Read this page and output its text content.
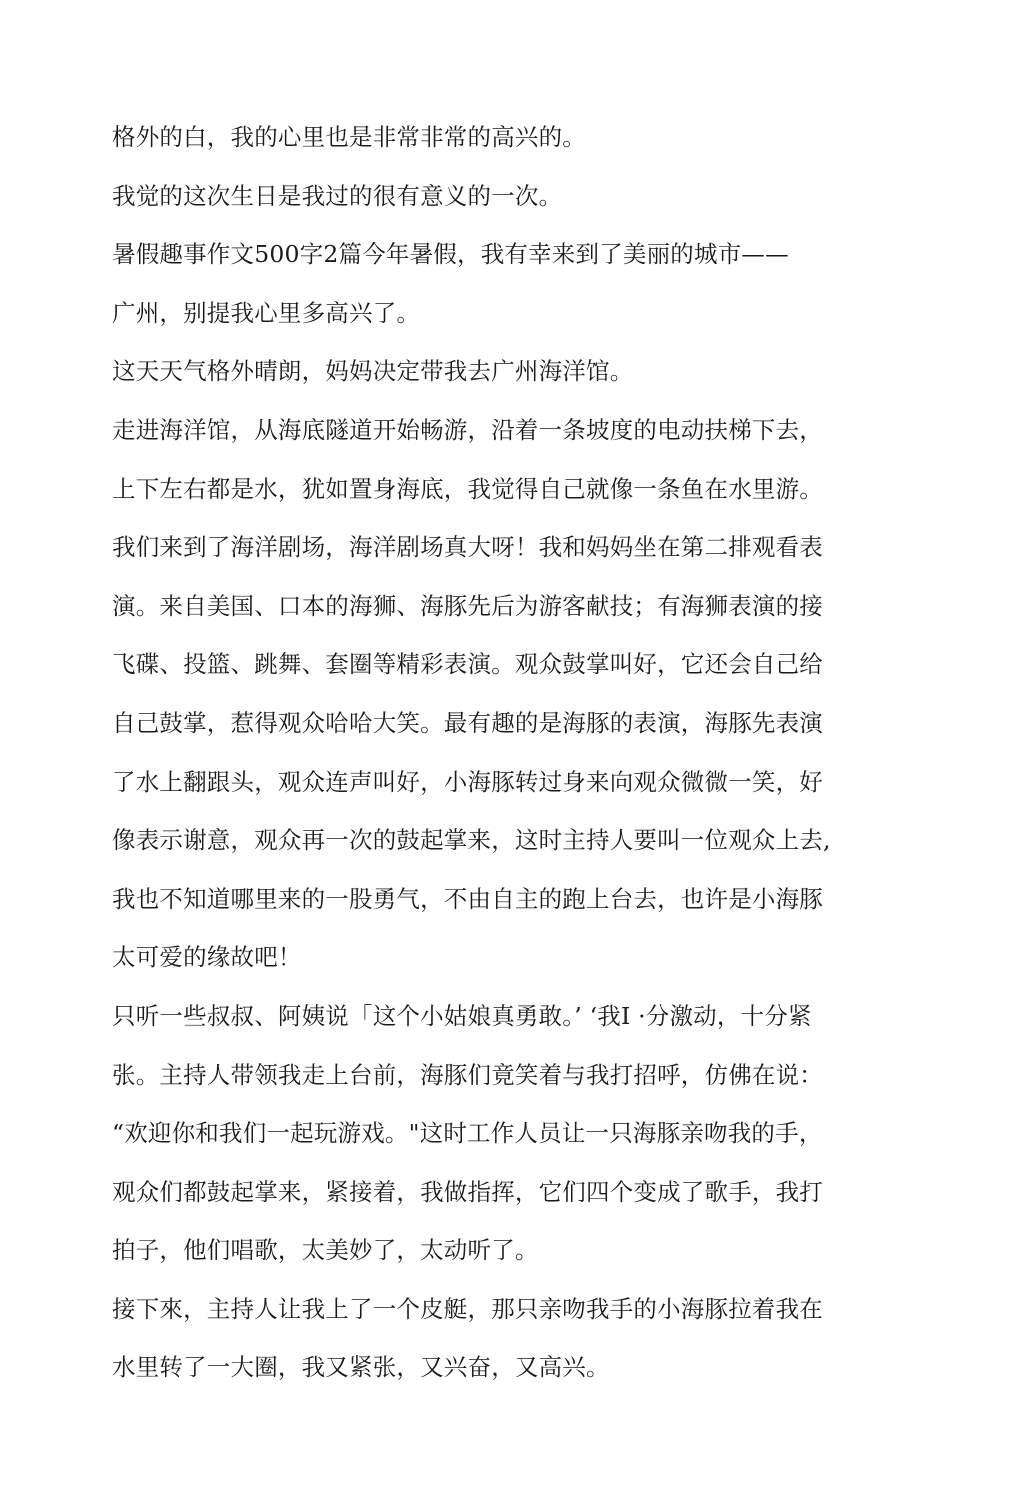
格外的白，我的心里也是非常非常的高兴的。
我觉的这次生日是我过的很有意义的一次。
暑假趣事作文500字2篇今年暑假，我有幸来到了美丽的城市——
广州，别提我心里多高兴了。
这天天气格外晴朗，妈妈决定带我去广州海洋馆。
走进海洋馆，从海底隧道开始畅游，沿着一条坡度的电动扶梯下去，
上下左右都是水，犹如置身海底，我觉得自己就像一条鱼在水里游。
我们来到了海洋剧场，海洋剧场真大呀！我和妈妈坐在第二排观看表
演。来自美国、口本的海狮、海豚先后为游客献技；有海狮表演的接
飞碟、投篮、跳舞、套圈等精彩表演。观众鼓掌叫好，它还会自己给
自己鼓掌，惹得观众哈哈大笑。最有趣的是海豚的表演，海豚先表演
了水上翻跟头，观众连声叫好，小海豚转过身来向观众微微一笑，好
像表示谢意，观众再一次的鼓起掌来，这时主持人要叫一位观众上去,
我也不知道哪里来的一股勇气，不由自主的跑上台去，也许是小海豚
太可爱的缘故吧！
只听一些叔叔、阿姨说「这个小姑娘真勇敢。’ ‘我I ·分激动，十分紧
张。主持人带领我走上台前，海豚们竟笑着与我打招呼，仿佛在说：
“欢迎你和我们一起玩游戏。"这时工作人员让一只海豚亲吻我的手，
观众们都鼓起掌来，紧接着，我做指挥，它们四个变成了歌手，我打
拍子，他们唱歌，太美妙了，太动听了。
接下來，主持人让我上了一个皮艇，那只亲吻我手的小海豚拉着我在
水里转了一大圈，我又紧张，又兴奋，又高兴。
